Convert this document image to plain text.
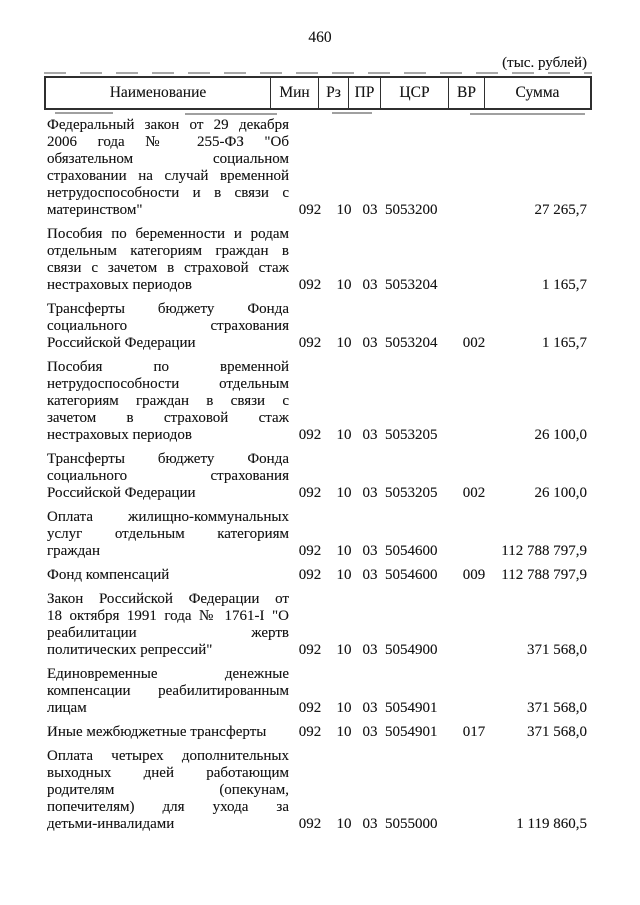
460
(тыс. рублей)
Наименование	Мин	Рз ПР	ЦСР	ВР	Сумма
Федеральный закон от 29 декабря
2006 года № 255-ФЗ "Об
обязательном социальном
страховании на случай временной
нетрудоспособности и в связи с
материнством"	092	10 03 5053200	27 265,7
Пособия по беременности и родам
отдельным категориям граждан в
связи с зачетом в страховой стаж
нестраховых периодов	092	10 03 5053204	1 165,7
Трансферты бюджету Фонда
социального страхования
Российской Федерации	092	10 03 5053204	002	1 165,7
Пособия по временной
нетрудоспособности отдельным
категориям граждан в связи с
зачетом в страховой стаж
нестраховых периодов	092	10 03 5053205	26 100,0
Трансферты бюджету Фонда
социального страхования
Российской Федерации	092	10 03 5053205	002	26 100,0
Оплата жилищно-коммунальных
услуг отдельным категориям
граждан	092	10 03 5054600	112 788 797,9
Фонд компенсаций	092	10 03 5054600	009	112 788 797,9
Закон Российской Федерации от
18 октября 1991 года № 1761-I "О
реабилитации жертв
политических репрессий"	092	10 03 5054900	371 568,0
Единовременные денежные
компенсации реабилитированным
лицам	092	10 03 5054901	371 568,0
Иные межбюджетные трансферты	092	10 03 5054901	017	371 568,0
Оплата четырех дополнительных
выходных дней работающим
родителям (опекунам,
попечителям) для ухода за
детьми-инвалидами	092	10 03 5055000	1 119 860,5
